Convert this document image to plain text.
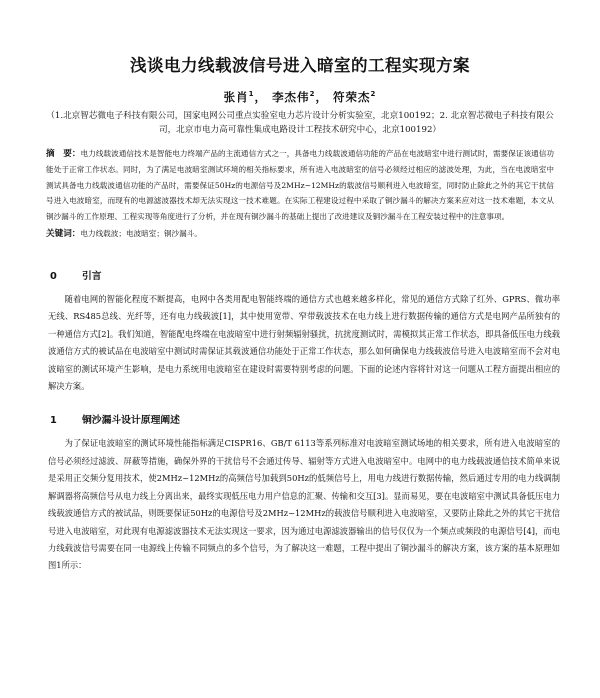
浅谈电力线载波信号进入暗室的工程实现方案
张肖$^1$， 李杰伟$^2$， 符荣杰$^2$
（1.北京智芯微电子科技有限公司，国家电网公司重点实验室电力芯片设计分析实验室，北京100192；2. 北京智芯微电子科技有限公司，北京市电力高可靠性集成电路设计工程技术研究中心，北京100192）
摘　要：电力线载波通信技术是智能电力终端产品的主流通信方式之一，具备电力线载波通信功能的产品在电波暗室中进行测试时，需要保证该通信功能处于正常工作状态。同时，为了满足电波暗室测试环境的相关指标要求，所有进入电波暗室的信号必须经过相应的滤波处理，为此，当在电波暗室中测试具备电力线载波通信功能的产品时，需要保证50Hz的电源信号及2MHz~12MHz的载波信号顺利进入电波暗室，同时防止除此之外的其它干扰信号进入电波暗室，而现有的电源滤波器技术却无法实现这一技术难题。在实际工程建设过程中采取了铜沙漏斗的解决方案来应对这一技术难题，本文从铜沙漏斗的工作原理、工程实现等角度进行了分析，并在现有铜沙漏斗的基础上提出了改进建议及铜沙漏斗在工程安装过程中的注意事项。
关键词：电力线载波；电波暗室；铜沙漏斗。
0	引言

随着电网的智能化程度不断提高，电网中各类用配电智能终端的通信方式也越来越多样化，常见的通信方式除了红外、GPRS、微功率无线、RS485总线、光纤等，还有电力线载波[1]，其中使用宽带、窄带载波技术在电力线上进行数据传输的通信方式是电网产品所独有的一种通信方式[2]。我们知道，智能配电终端在电波暗室中进行射频辐射骚扰，抗扰度测试时，需模拟其正常工作状态，即具备低压电力线载波通信方式的被试品在电波暗室中测试时需保证其载波通信功能处于正常工作状态，那么如何确保电力线载波信号进入电波暗室而不会对电波暗室的测试环境产生影响，是电力系统用电波暗室在建设时需要特别考虑的问题。下面的论述内容将针对这一问题从工程方面提出相应的解决方案。

1	铜沙漏斗设计原理阐述

为了保证电波暗室的测试环境性能指标满足CISPR16、GB/T 6113等系列标准对电波暗室测试场地的相关要求，所有进入电波暗室的信号必须经过滤波、屏蔽等措施，确保外界的干扰信号不会通过传导、辐射等方式进入电波暗室中。电网中的电力线载波通信技术简单来说是采用正交频分复用技术，使2MHz~12MHz的高频信号加载到50Hz的低频信号上，用电力线进行数据传输，然后通过专用的电力线调制解调器将高频信号从电力线上分离出来，最终实现低压电力用户信息的汇聚、传输和交互[3]。显而易见，要在电波暗室中测试具备低压电力线载波通信方式的被试品，则既要保证50Hz的电源信号及2MHz~12MHz的载波信号顺利进入电波暗室，又要防止除此之外的其它干扰信号进入电波暗室，对此现有电源滤波器技术无法实现这一要求，因为通过电源滤波器输出的信号仅仅为一个频点或频段的电源信号[4]，而电力线载波信号需要在同一电源线上传输不同频点的多个信号，为了解决这一难题，工程中提出了铜沙漏斗的解决方案，该方案的基本原理如图1所示：
